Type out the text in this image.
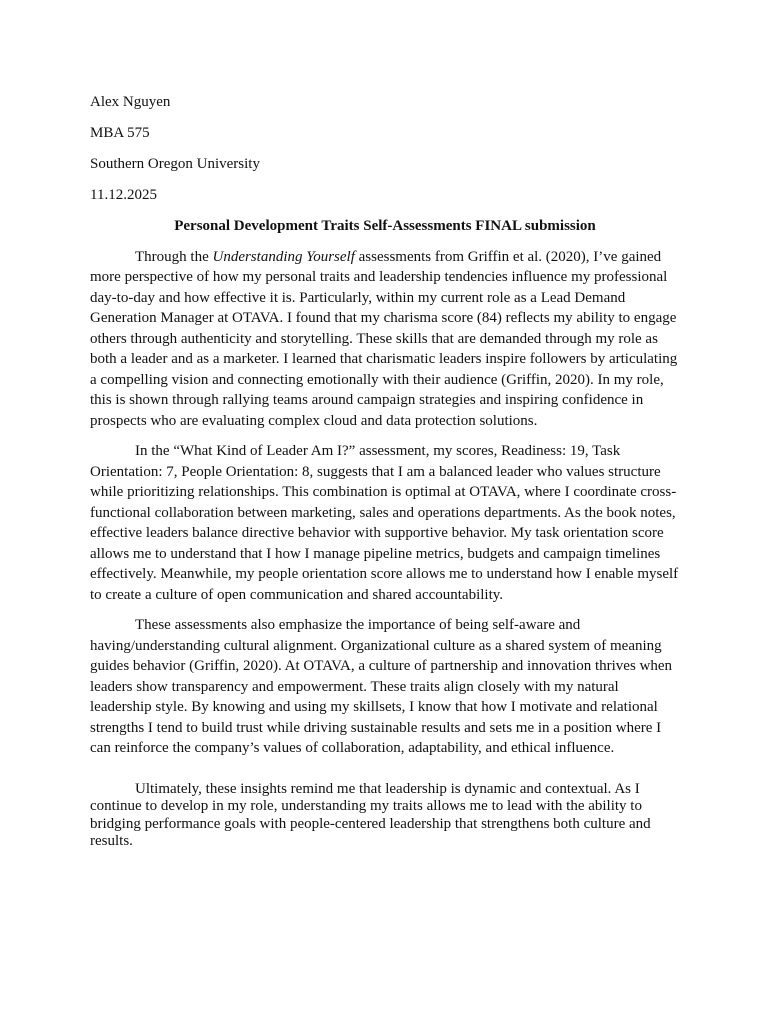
Alex Nguyen
MBA 575
Southern Oregon University
11.12.2025
Personal Development Traits Self-Assessments FINAL submission

Through the Understanding Yourself assessments from Griffin et al. (2020), I’ve gained more perspective of how my personal traits and leadership tendencies influence my professional day-to-day and how effective it is. Particularly, within my current role as a Lead Demand Generation Manager at OTAVA. I found that my charisma score (84) reflects my ability to engage others through authenticity and storytelling. These skills that are demanded through my role as both a leader and as a marketer. I learned that charismatic leaders inspire followers by articulating a compelling vision and connecting emotionally with their audience (Griffin, 2020). In my role, this is shown through rallying teams around campaign strategies and inspiring confidence in prospects who are evaluating complex cloud and data protection solutions.

In the “What Kind of Leader Am I?” assessment, my scores, Readiness: 19, Task Orientation: 7, People Orientation: 8, suggests that I am a balanced leader who values structure while prioritizing relationships. This combination is optimal at OTAVA, where I coordinate cross-functional collaboration between marketing, sales and operations departments. As the book notes, effective leaders balance directive behavior with supportive behavior. My task orientation score allows me to understand that I how I manage pipeline metrics, budgets and campaign timelines effectively. Meanwhile, my people orientation score allows me to understand how I enable myself to create a culture of open communication and shared accountability.

These assessments also emphasize the importance of being self-aware and having/understanding cultural alignment. Organizational culture as a shared system of meaning guides behavior (Griffin, 2020). At OTAVA, a culture of partnership and innovation thrives when leaders show transparency and empowerment. These traits align closely with my natural leadership style. By knowing and using my skillsets, I know that how I motivate and relational strengths I tend to build trust while driving sustainable results and sets me in a position where I can reinforce the company’s values of collaboration, adaptability, and ethical influence.

Ultimately, these insights remind me that leadership is dynamic and contextual. As I continue to develop in my role, understanding my traits allows me to lead with the ability to bridging performance goals with people-centered leadership that strengthens both culture and results.
